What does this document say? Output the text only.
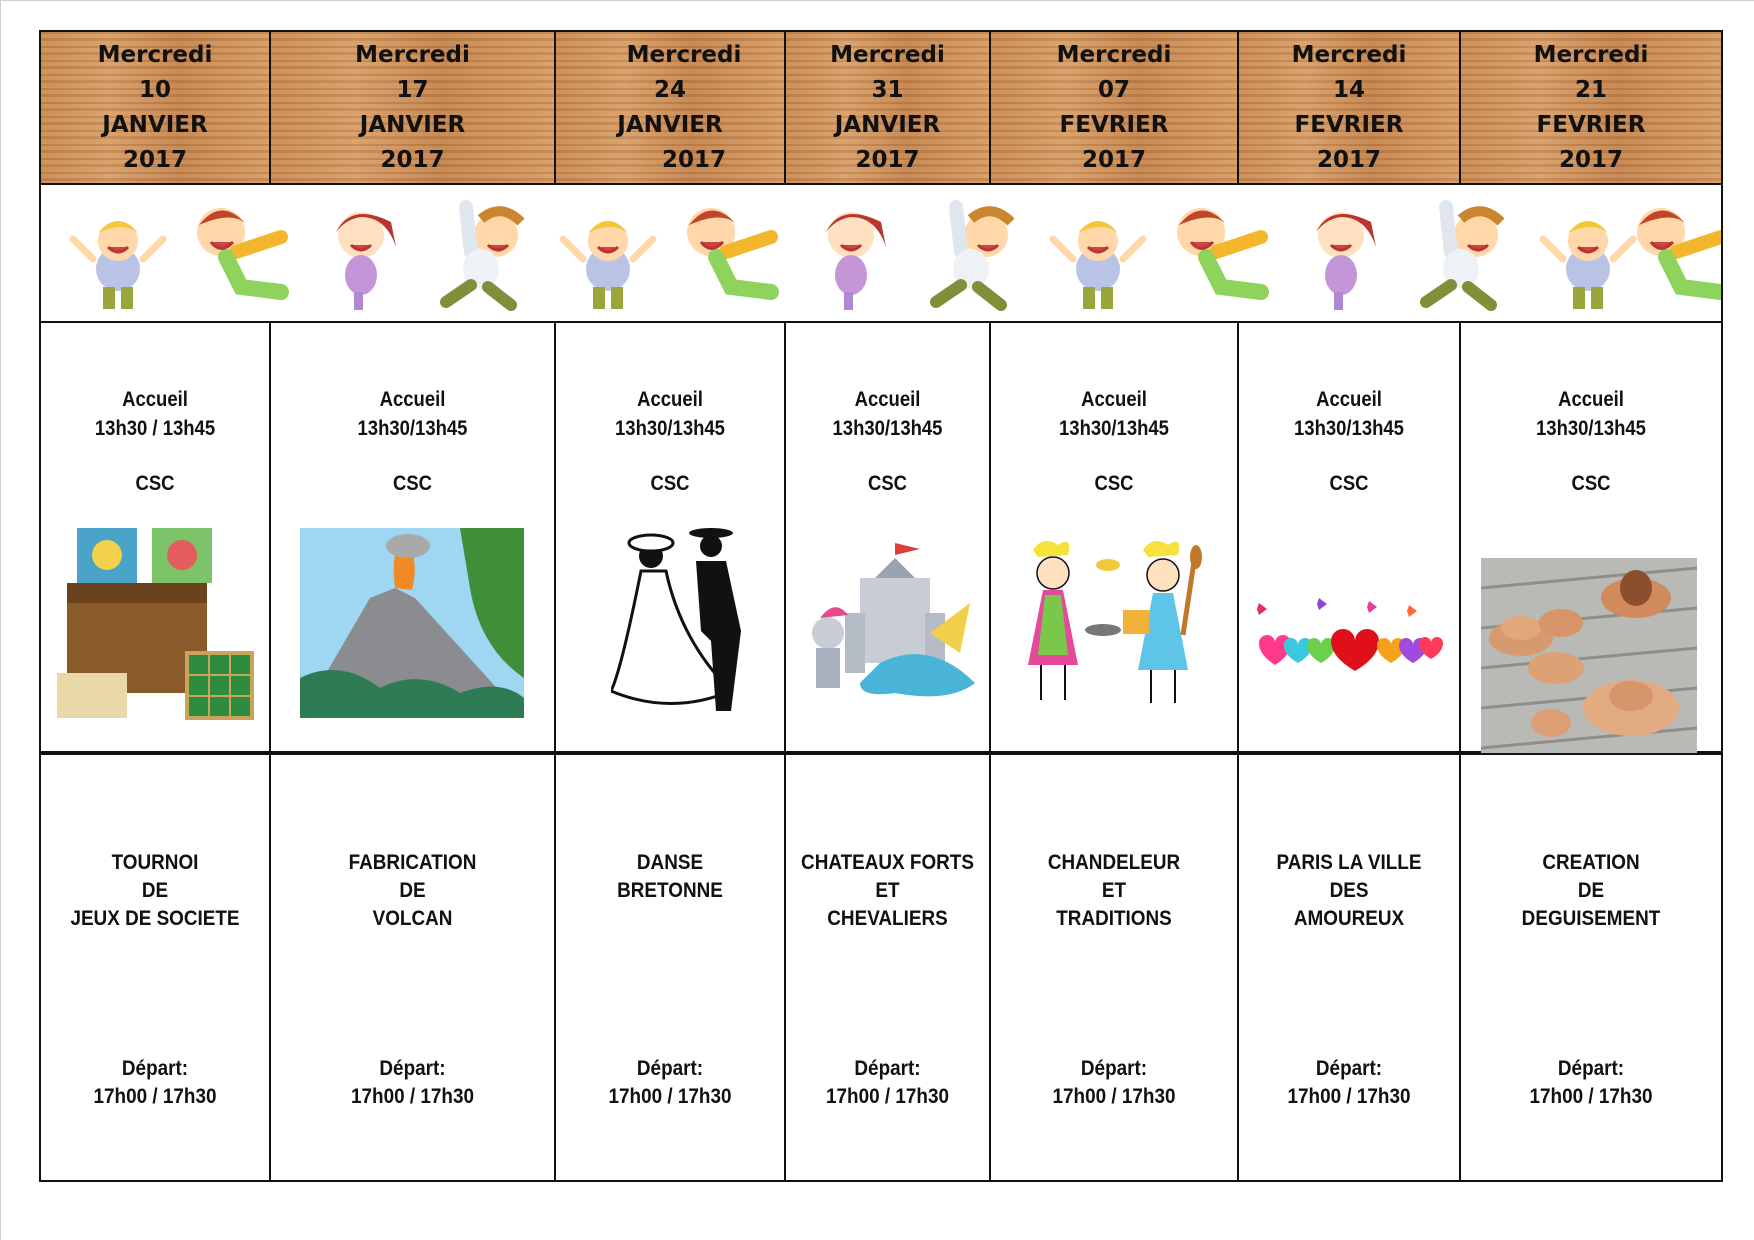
Mercredi
10
JANVIER
2017
Mercredi
17
JANVIER
2017
Mercredi
24
JANVIER
2017
Mercredi
31
JANVIER
2017
Mercredi
07
FEVRIER
2017
Mercredi
14
FEVRIER
2017
Mercredi
21
FEVRIER
2017
Accueil
13h30 / 13h45
CSC
Accueil
13h30/13h45
CSC
Accueil
13h30/13h45
CSC
Accueil
13h30/13h45
CSC
Accueil
13h30/13h45
CSC
Accueil
13h30/13h45
CSC
Accueil
13h30/13h45
CSC
TOURNOI
DE
JEUX DE SOCIETE
Départ:
17h00 / 17h30
FABRICATION
DE
VOLCAN
Départ:
17h00 / 17h30
DANSE
BRETONNE
Départ:
17h00 / 17h30
CHATEAUX FORTS
ET
CHEVALIERS
Départ:
17h00 / 17h30
CHANDELEUR
ET
TRADITIONS
Départ:
17h00 / 17h30
PARIS LA VILLE
DES
AMOUREUX
Départ:
17h00 / 17h30
CREATION
DE
DEGUISEMENT
Départ:
17h00 / 17h30
